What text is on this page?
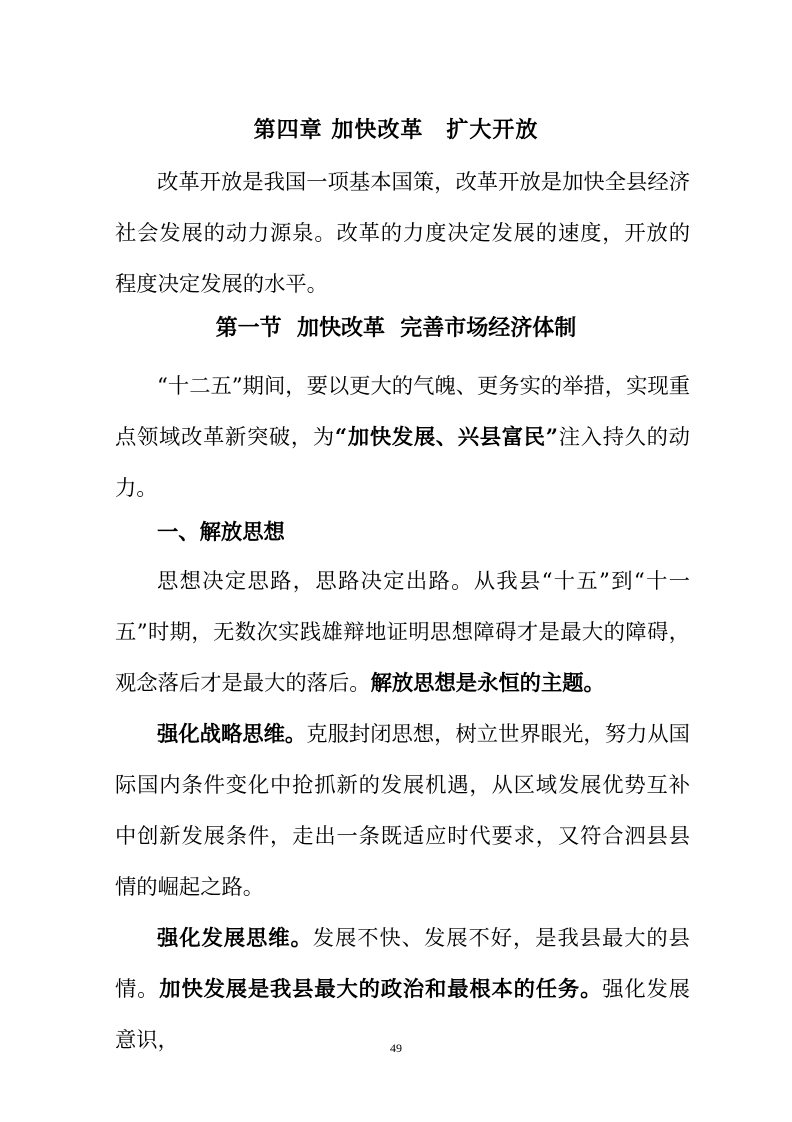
第四章 加快改革　扩大开放

改革开放是我国一项基本国策，改革开放是加快全县经济社会发展的动力源泉。改革的力度决定发展的速度，开放的程度决定发展的水平。

第一节  加快改革  完善市场经济体制

“十二五”期间，要以更大的气魄、更务实的举措，实现重点领域改革新突破，为“加快发展、兴县富民”注入持久的动力。

一、解放思想

思想决定思路，思路决定出路。从我县“十五”到“十一五”时期，无数次实践雄辩地证明思想障碍才是最大的障碍，观念落后才是最大的落后。解放思想是永恒的主题。

强化战略思维。克服封闭思想，树立世界眼光，努力从国际国内条件变化中抢抓新的发展机遇，从区域发展优势互补中创新发展条件，走出一条既适应时代要求，又符合泗县县情的崛起之路。

强化发展思维。发展不快、发展不好，是我县最大的县情。加快发展是我县最大的政治和最根本的任务。强化发展意识，	49
